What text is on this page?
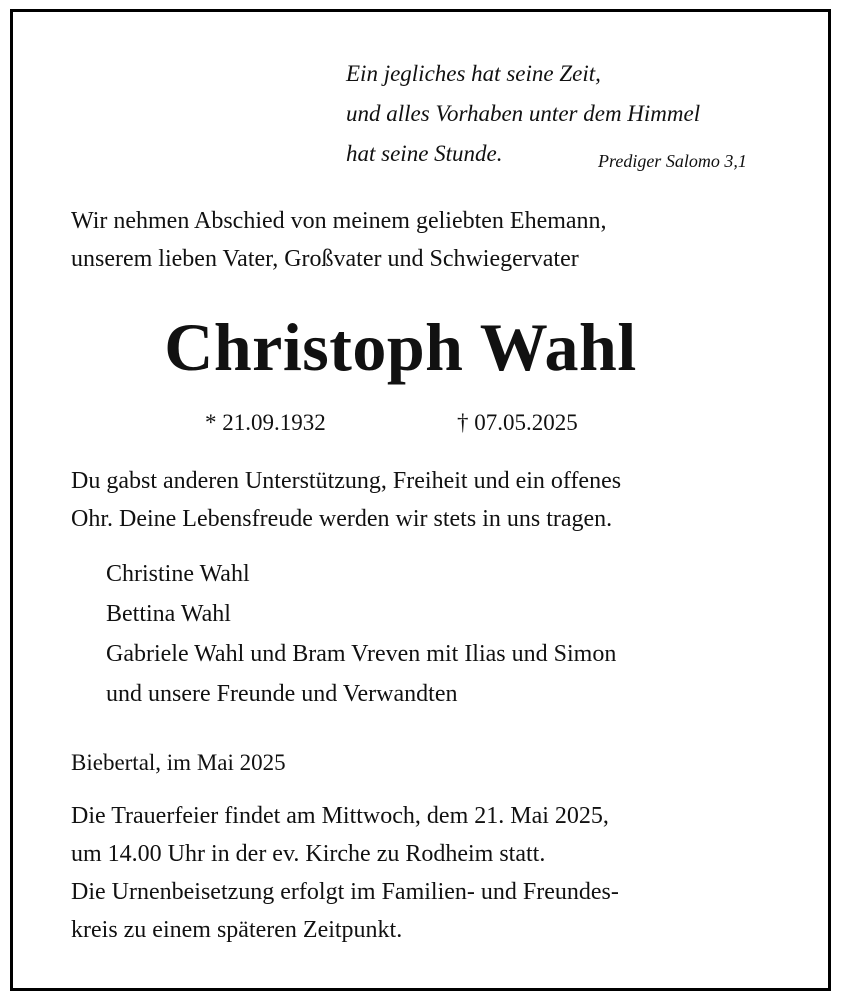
Ein jegliches hat seine Zeit,
und alles Vorhaben unter dem Himmel
hat seine Stunde.	Prediger Salomo 3,1
Wir nehmen Abschied von meinem geliebten Ehemann,
unserem lieben Vater, Großvater und Schwiegervater
Christoph Wahl
* 21.09.1932	† 07.05.2025
Du gabst anderen Unterstützung, Freiheit und ein offenes
Ohr. Deine Lebensfreude werden wir stets in uns tragen.
Christine Wahl
Bettina Wahl
Gabriele Wahl und Bram Vreven mit Ilias und Simon
und unsere Freunde und Verwandten
Biebertal, im Mai 2025
Die Trauerfeier findet am Mittwoch, dem 21. Mai 2025,
um 14.00 Uhr in der ev. Kirche zu Rodheim statt.
Die Urnenbeisetzung erfolgt im Familien- und Freundes-
kreis zu einem späteren Zeitpunkt.
